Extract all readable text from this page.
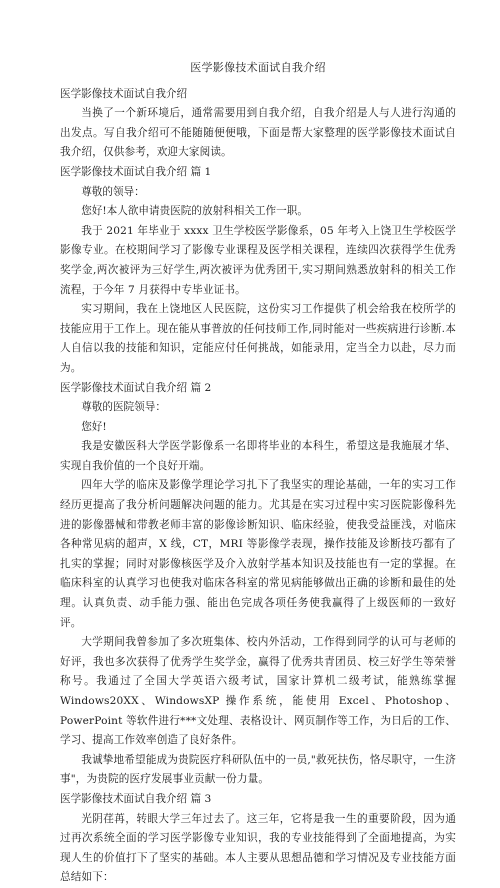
医学影像技术面试自我介绍
医学影像技术面试自我介绍

当换了一个新环境后，通常需要用到自我介绍，自我介绍是人与人进行沟通的出发点。写自我介绍可不能随随便便哦，下面是帮大家整理的医学影像技术面试自我介绍，仅供参考，欢迎大家阅读。

医学影像技术面试自我介绍 篇 1

尊敬的领导：

您好!本人欲申请贵医院的放射科相关工作一职。

我于 2021 年毕业于 xxxx 卫生学校医学影像系，05 年考入上饶卫生学校医学影像专业。在校期间学习了影像专业课程及医学相关课程，连续四次获得学生优秀奖学金,两次被评为三好学生,两次被评为优秀团干,实习期间熟悉放射科的相关工作流程，于今年 7 月获得中专毕业证书。

实习期间，我在上饶地区人民医院，这份实习工作提供了机会给我在校所学的技能应用于工作上。现在能从事普放的任何技师工作,同时能对一些疾病进行诊断.本人自信以我的技能和知识，定能应付任何挑战，如能录用，定当全力以赴，尽力而为。

医学影像技术面试自我介绍 篇 2

尊敬的医院领导：

您好!

我是安徽医科大学医学影像系一名即将毕业的本科生，希望这是我施展才华、实现自我价值的一个良好开端。

四年大学的临床及影像学理论学习扎下了我坚实的理论基础，一年的实习工作经历更提高了我分析问题解决问题的能力。尤其是在实习过程中实习医院影像科先进的影像器械和带教老师丰富的影像诊断知识、临床经验，使我受益匪浅，对临床各种常见病的超声，X 线，CT，MRI 等影像学表现，操作技能及诊断技巧都有了扎实的掌握；同时对影像核医学及介入放射学基本知识及技能也有一定的掌握。在临床科室的认真学习也使我对临床各科室的常见病能够做出正确的诊断和最佳的处理。认真负责、动手能力强、能出色完成各项任务使我赢得了上级医师的一致好评。

大学期间我曾参加了多次班集体、校内外活动，工作得到同学的认可与老师的好评，我也多次获得了优秀学生奖学金，赢得了优秀共青团员、校三好学生等荣誉称号。我通过了全国大学英语六级考试，国家计算机二级考试，能熟练掌握 Windows20XX、WindowsXP 操作系统，能使用 Excel、Photoshop、PowerPoint 等软件进行***文处理、表格设计、网页制作等工作，为日后的工作、学习、提高工作效率创造了良好条件。

我诚挚地希望能成为贵院医疗科研队伍中的一员,"救死扶伤，恪尽职守，一生济事"，为贵院的医疗发展事业贡献一份力量。

医学影像技术面试自我介绍 篇 3

光阴荏苒，转眼大学三年过去了。这三年，它将是我一生的重要阶段，因为通过再次系统全面的学习医学影像专业知识，我的专业技能得到了全面地提高，为实现人生的价值打下了坚实的基础。本人主要从思想品德和学习情况及专业技能方面总结如下：
